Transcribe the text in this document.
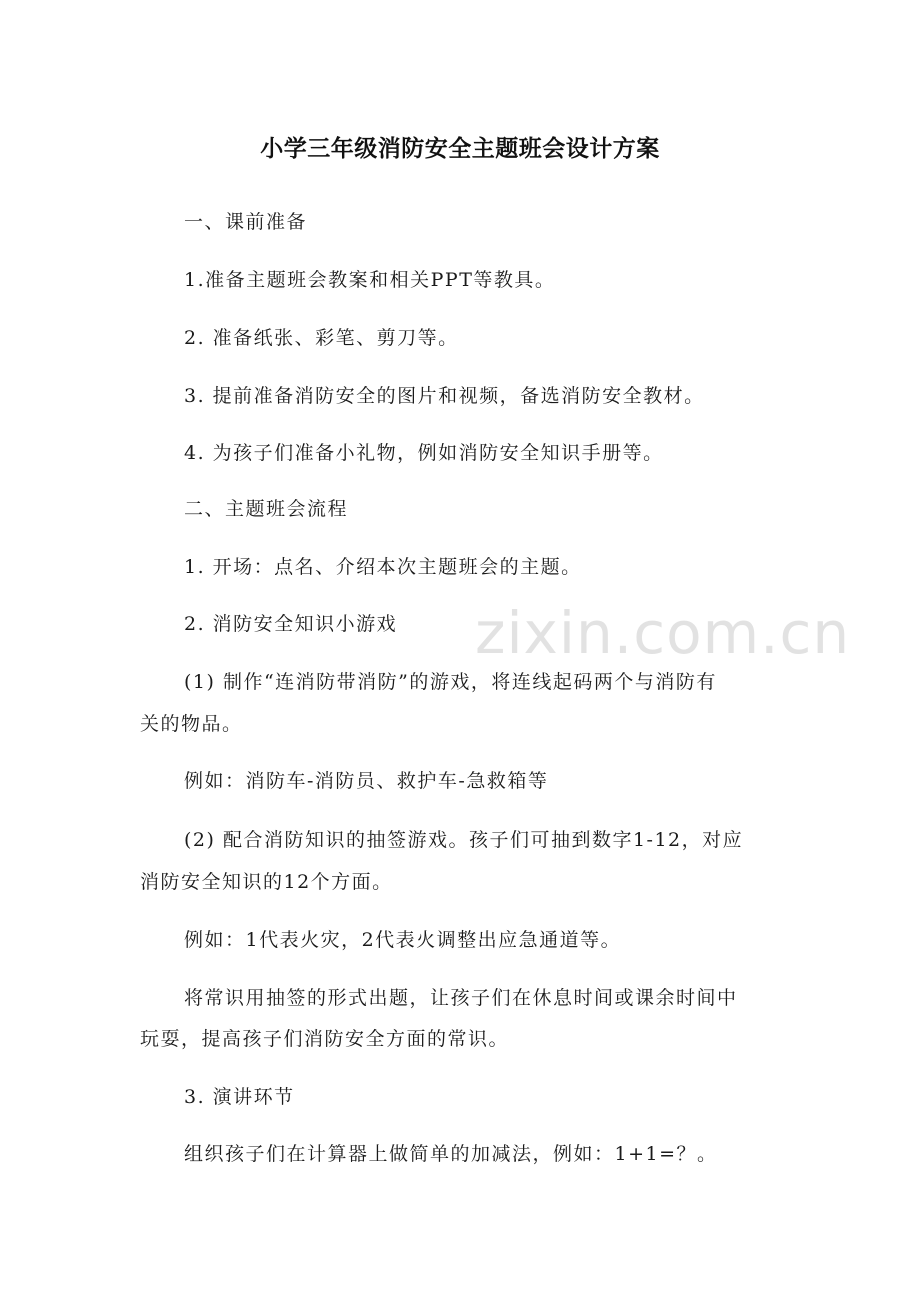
zixin.com.cn
小学三年级消防安全主题班会设计方案
一、课前准备
1.准备主题班会教案和相关PPT等教具。
2. 准备纸张、彩笔、剪刀等。
3. 提前准备消防安全的图片和视频，备选消防安全教材。
4. 为孩子们准备小礼物，例如消防安全知识手册等。
二、主题班会流程
1. 开场：点名、介绍本次主题班会的主题。
2. 消防安全知识小游戏
(1) 制作“连消防带消防”的游戏，将连线起码两个与消防有
关的物品。
例如：消防车-消防员、救护车-急救箱等
(2) 配合消防知识的抽签游戏。孩子们可抽到数字1-12，对应
消防安全知识的12个方面。
例如：1代表火灾，2代表火调整出应急通道等。
将常识用抽签的形式出题，让孩子们在休息时间或课余时间中
玩耍，提高孩子们消防安全方面的常识。
3. 演讲环节
组织孩子们在计算器上做简单的加减法，例如：1+1=？。
